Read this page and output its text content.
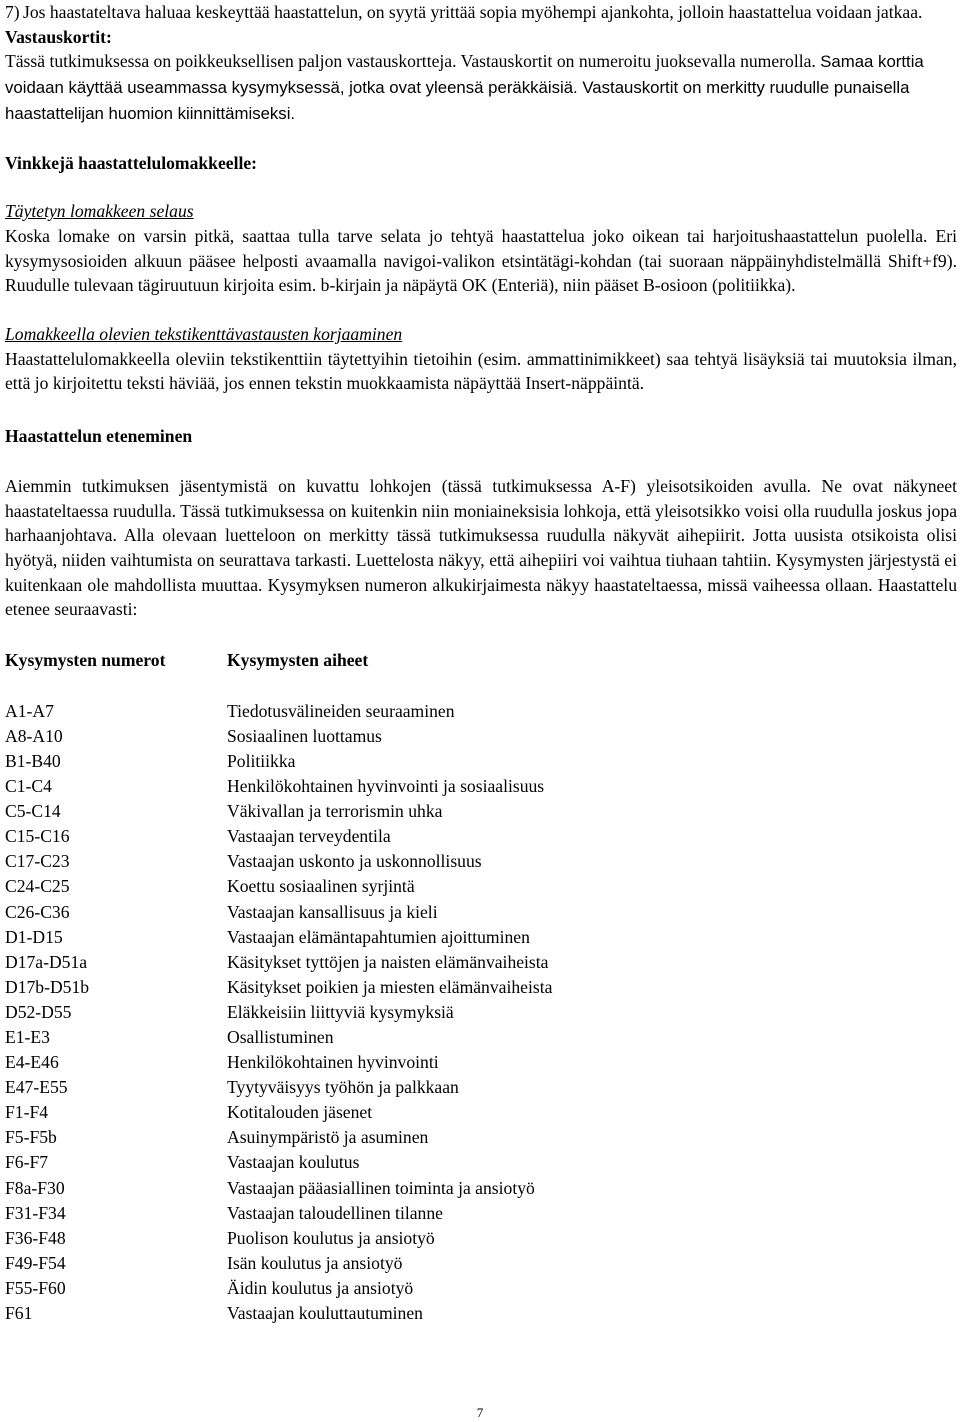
7) Jos haastateltava haluaa keskeyttää haastattelun, on syytä yrittää sopia myöhempi ajankohta, jolloin haastattelua voidaan jatkaa.

Vastauskortit:

Tässä tutkimuksessa on poikkeuksellisen paljon vastauskortteja. Vastauskortit on numeroitu juoksevalla numerolla. Samaa korttia voidaan käyttää useammassa kysymyksessä, jotka ovat yleensä peräkkäisiä. Vastauskortit on merkitty ruudulle punaisella haastattelijan huomion kiinnittämiseksi.

Vinkkejä haastattelulomakkeelle:

Täytetyn lomakkeen selaus

Koska lomake on varsin pitkä, saattaa tulla tarve selata jo tehtyä haastattelua joko oikean tai harjoitushaastattelun puolella. Eri kysymysosioiden alkuun pääsee helposti avaamalla navigoi-valikon etsintätägi-kohdan (tai suoraan näppäinyhdistelmällä Shift+f9). Ruudulle tulevaan tägiruutuun kirjoita esim. b-kirjain ja näpäytä OK (Enteriä), niin pääset B-osioon (politiikka).

Lomakkeella olevien tekstikenttävastausten korjaaminen

Haastattelulomakkeella oleviin tekstikenttiin täytettyihin tietoihin (esim. ammattinimikkeet) saa tehtyä lisäyksiä tai muutoksia ilman, että jo kirjoitettu teksti häviää, jos ennen tekstin muokkaamista näpäyttää Insert-näppäintä.

Haastattelun eteneminen

Aiemmin tutkimuksen jäsentymistä on kuvattu lohkojen (tässä tutkimuksessa A-F) yleisotsikoiden avulla. Ne ovat näkyneet haastateltaessa ruudulla. Tässä tutkimuksessa on kuitenkin niin moniaineksisia lohkoja, että yleisotsikko voisi olla ruudulla joskus jopa harhaanjohtava. Alla olevaan luetteloon on merkitty tässä tutkimuksessa ruudulla näkyvät aihepiirit. Jotta uusista otsikoista olisi hyötyä, niiden vaihtumista on seurattava tarkasti. Luettelosta näkyy, että aihepiiri voi vaihtua tiuhaan tahtiin. Kysymysten järjestystä ei kuitenkaan ole mahdollista muuttaa. Kysymyksen numeron alkukirjaimesta näkyy haastateltaessa, missä vaiheessa ollaan. Haastattelu etenee seuraavasti:

Kysymysten numerot	Kysymysten aiheet
A1-A7	Tiedotusvälineiden seuraaminen
A8-A10	Sosiaalinen luottamus
B1-B40	Politiikka
C1-C4	Henkilökohtainen hyvinvointi ja sosiaalisuus
C5-C14	Väkivallan ja terrorismin uhka
C15-C16	Vastaajan terveydentila
C17-C23	Vastaajan uskonto ja uskonnollisuus
C24-C25	Koettu sosiaalinen syrjintä
C26-C36	Vastaajan kansallisuus ja kieli
D1-D15	Vastaajan elämäntapahtumien ajoittuminen
D17a-D51a	Käsitykset tyttöjen ja naisten elämänvaiheista
D17b-D51b	Käsitykset poikien ja miesten elämänvaiheista
D52-D55	Eläkkeisiin liittyviä kysymyksiä
E1-E3	Osallistuminen
E4-E46	Henkilökohtainen hyvinvointi
E47-E55	Tyytyväisyys työhön ja palkkaan
F1-F4	Kotitalouden jäsenet
F5-F5b	Asuinympäristö ja asuminen
F6-F7	Vastaajan koulutus
F8a-F30	Vastaajan pääasiallinen toiminta ja ansiotyö
F31-F34	Vastaajan taloudellinen tilanne
F36-F48	Puolison koulutus ja ansiotyö
F49-F54	Isän koulutus ja ansiotyö
F55-F60	Äidin koulutus ja ansiotyö
F61	Vastaajan kouluttautuminen
7
